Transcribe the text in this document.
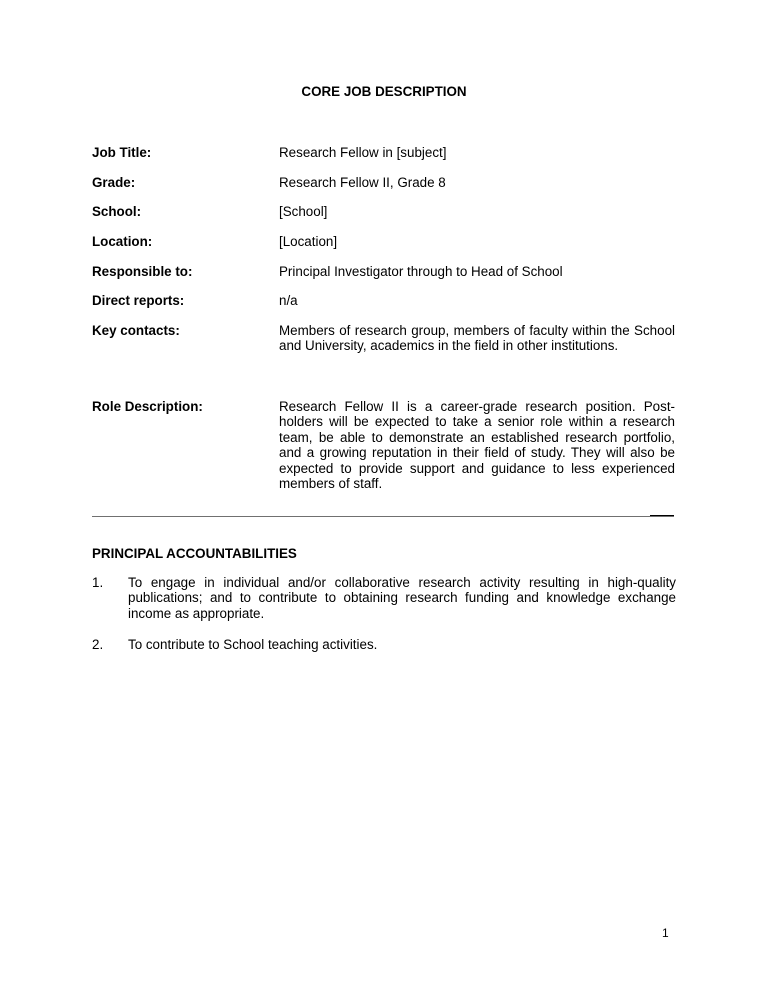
CORE JOB DESCRIPTION
Job Title:	Research Fellow in [subject]
Grade:	Research Fellow II, Grade 8
School:	[School]
Location:	[Location]
Responsible to:	Principal Investigator through to Head of School
Direct reports:	n/a
Key contacts:	Members of research group, members of faculty within the School and University, academics in the field in other institutions.
Role Description:	Research Fellow II is a career-grade research position. Post-holders will be expected to take a senior role within a research team, be able to demonstrate an established research portfolio, and a growing reputation in their field of study. They will also be expected to provide support and guidance to less experienced members of staff.
PRINCIPAL ACCOUNTABILITIES
1. To engage in individual and/or collaborative research activity resulting in high-quality publications; and to contribute to obtaining research funding and knowledge exchange income as appropriate.
2. To contribute to School teaching activities.
1
